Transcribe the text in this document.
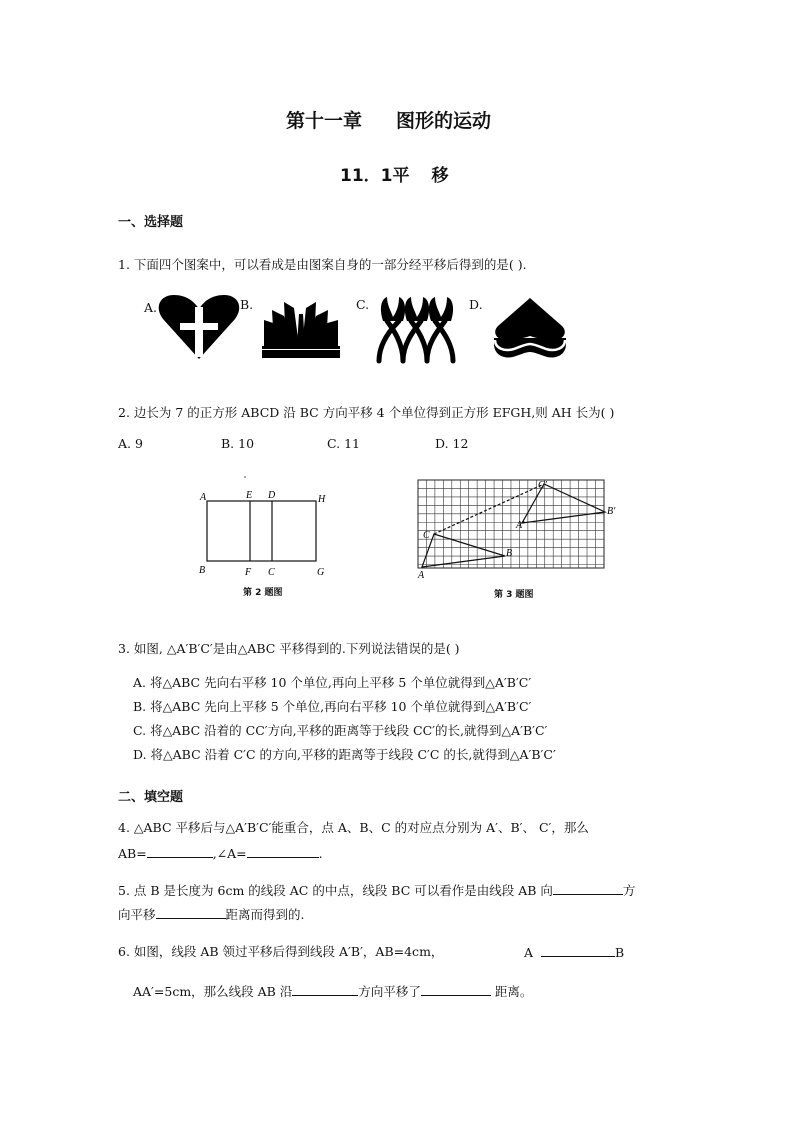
第十一章 图形的运动
11．1平 移
一、选择题
1. 下面四个图案中，可以看成是由图案自身的一部分经平移后得到的是( ).
A.	B.	C.	D.
2. 边长为 7 的正方形 ABCD 沿 BC 方向平移 4 个单位得到正方形 EFGH,则 AH 长为( )
A. 9	B. 10	C. 11	D. 12
A	E D	H
B	F C	G
第 2 题图
A
B
C
A′
B′
C′
第 3 题图
3. 如图, △A′B′C′是由△ABC 平移得到的.下列说法错误的是( )
A. 将△ABC 先向右平移 10 个单位,再向上平移 5 个单位就得到△A′B′C′
B. 将△ABC 先向上平移 5 个单位,再向右平移 10 个单位就得到△A′B′C′
C. 将△ABC 沿着的 CC′方向,平移的距离等于线段 CC′的长,就得到△A′B′C′
D. 将△ABC 沿着 C′C 的方向,平移的距离等于线段 C′C 的长,就得到△A′B′C′
二、填空题
4. △ABC 平移后与△A′B′C′能重合，点 A、B、C 的对应点分别为 A′、B′、 C′，那么
AB=	,∠A=	.
5. 点 B 是长度为 6cm 的线段 AC 的中点，线段 BC 可以看作是由线段 AB 向	方
向平移	距离而得到的.
6. 如图，线段 AB 领过平移后得到线段 A′B′，AB=4cm，	A	B
AA′=5cm，那么线段 AB 沿	方向平移了	距离。
